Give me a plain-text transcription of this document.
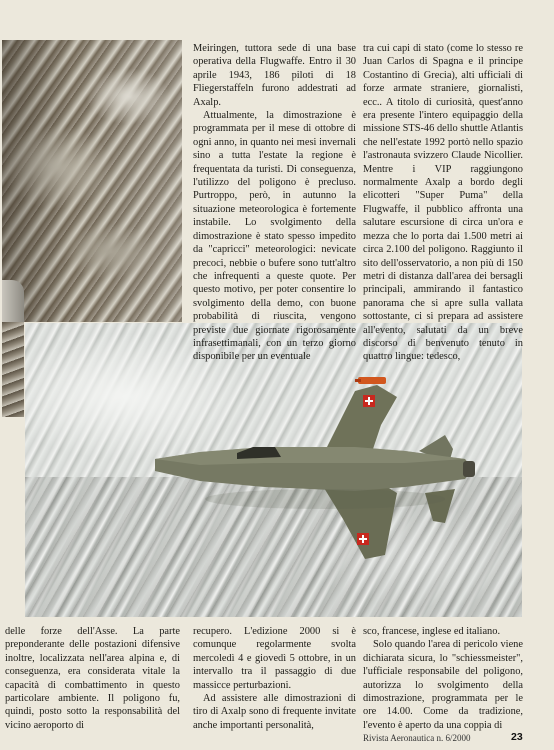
Meiringen, tuttora sede di una base operativa della Flugwaffe. Entro il 30 aprile 1943, 186 piloti di 18 Fliegerstaffeln furono addestrati ad Axalp.

Attualmente, la dimostrazione è programmata per il mese di ottobre di ogni anno, in quanto nei mesi invernali sino a tutta l'estate la regione è frequentata da turisti. Di conseguenza, l'utilizzo del poligono è precluso. Purtroppo, però, in autunno la situazione meteorologica è fortemente instabile. Lo svolgimento della dimostrazione è stato spesso impedito da "capricci" meteorologici: nevicate precoci, nebbie o bufere sono tutt'altro che infrequenti a queste quote. Per questo motivo, per poter consentire lo svolgimento della demo, con buone probabilità di riuscita, vengono previste due giornate rigorosamente infrasettimanali, con un terzo giorno disponibile per un eventuale

tra cui capi di stato (come lo stesso re Juan Carlos di Spagna e il principe Costantino di Grecia), alti ufficiali di forze armate straniere, giornalisti, ecc.. A titolo di curiosità, quest'anno era presente l'intero equipaggio della missione STS-46 dello shuttle Atlantis che nell'estate 1992 portò nello spazio l'astronauta svizzero Claude Nicollier. Mentre i VIP raggiungono normalmente Axalp a bordo degli elicotteri "Super Puma" della Flugwaffe, il pubblico affronta una salutare escursione di circa un'ora e mezza che lo porta dai 1.500 metri ai circa 2.100 del poligono. Raggiunto il sito dell'osservatorio, a non più di 150 metri di distanza dall'area dei bersagli principali, ammirando il fantastico panorama che si apre sulla vallata sottostante, ci si prepara ad assistere all'evento, salutati da un breve discorso di benvenuto tenuto in quattro lingue: tedesco,

delle forze dell'Asse. La parte preponderante delle postazioni difensive inoltre, localizzata nell'area alpina e, di conseguenza, era considerata vitale la capacità di combattimento in questo particolare ambiente. Il poligono fu, quindi, posto sotto la responsabilità del vicino aeroporto di

recupero. L'edizione 2000 si è comunque regolarmente svolta mercoledì 4 e giovedì 5 ottobre, in un intervallo tra il passaggio di due massicce perturbazioni.

Ad assistere alle dimostrazioni di tiro di Axalp sono di frequente invitate anche importanti personalità,

sco, francese, inglese ed italiano.

Solo quando l'area di pericolo viene dichiarata sicura, lo "schiessmeister", l'ufficiale responsabile del poligono, autorizza lo svolgimento della dimostrazione, programmata per le ore 14.00. Come da tradizione, l'evento è aperto da una coppia di

Rivista Aeronautica n. 6/2000	23
